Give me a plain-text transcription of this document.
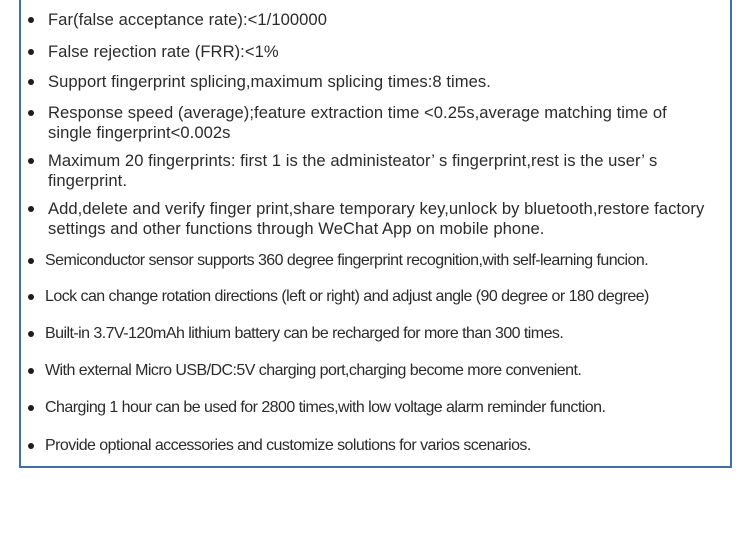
Far(false acceptance rate):<1/100000

False rejection rate (FRR):<1%

Support fingerprint splicing,maximum splicing times:8 times.

Response speed (average);feature extraction time <0.25s,average matching time of single fingerprint<0.002s

Maximum 20 fingerprints: first 1 is the administeator’ s fingerprint,rest is the user’ s fingerprint.

Add,delete and verify finger print,share temporary key,unlock by bluetooth,restore factory settings and other functions through WeChat App on mobile phone.

Semiconductor sensor supports 360 degree fingerprint recognition,with self-learning funcion.

Lock can change rotation directions (left or right) and adjust angle (90 degree or 180 degree)

Built-in 3.7V-120mAh lithium battery can be recharged for more than 300 times.

With external Micro USB/DC:5V charging port,charging become more convenient.

Charging 1 hour can be used for 2800 times,with low voltage alarm reminder function.

Provide optional accessories and customize solutions for varios scenarios.
